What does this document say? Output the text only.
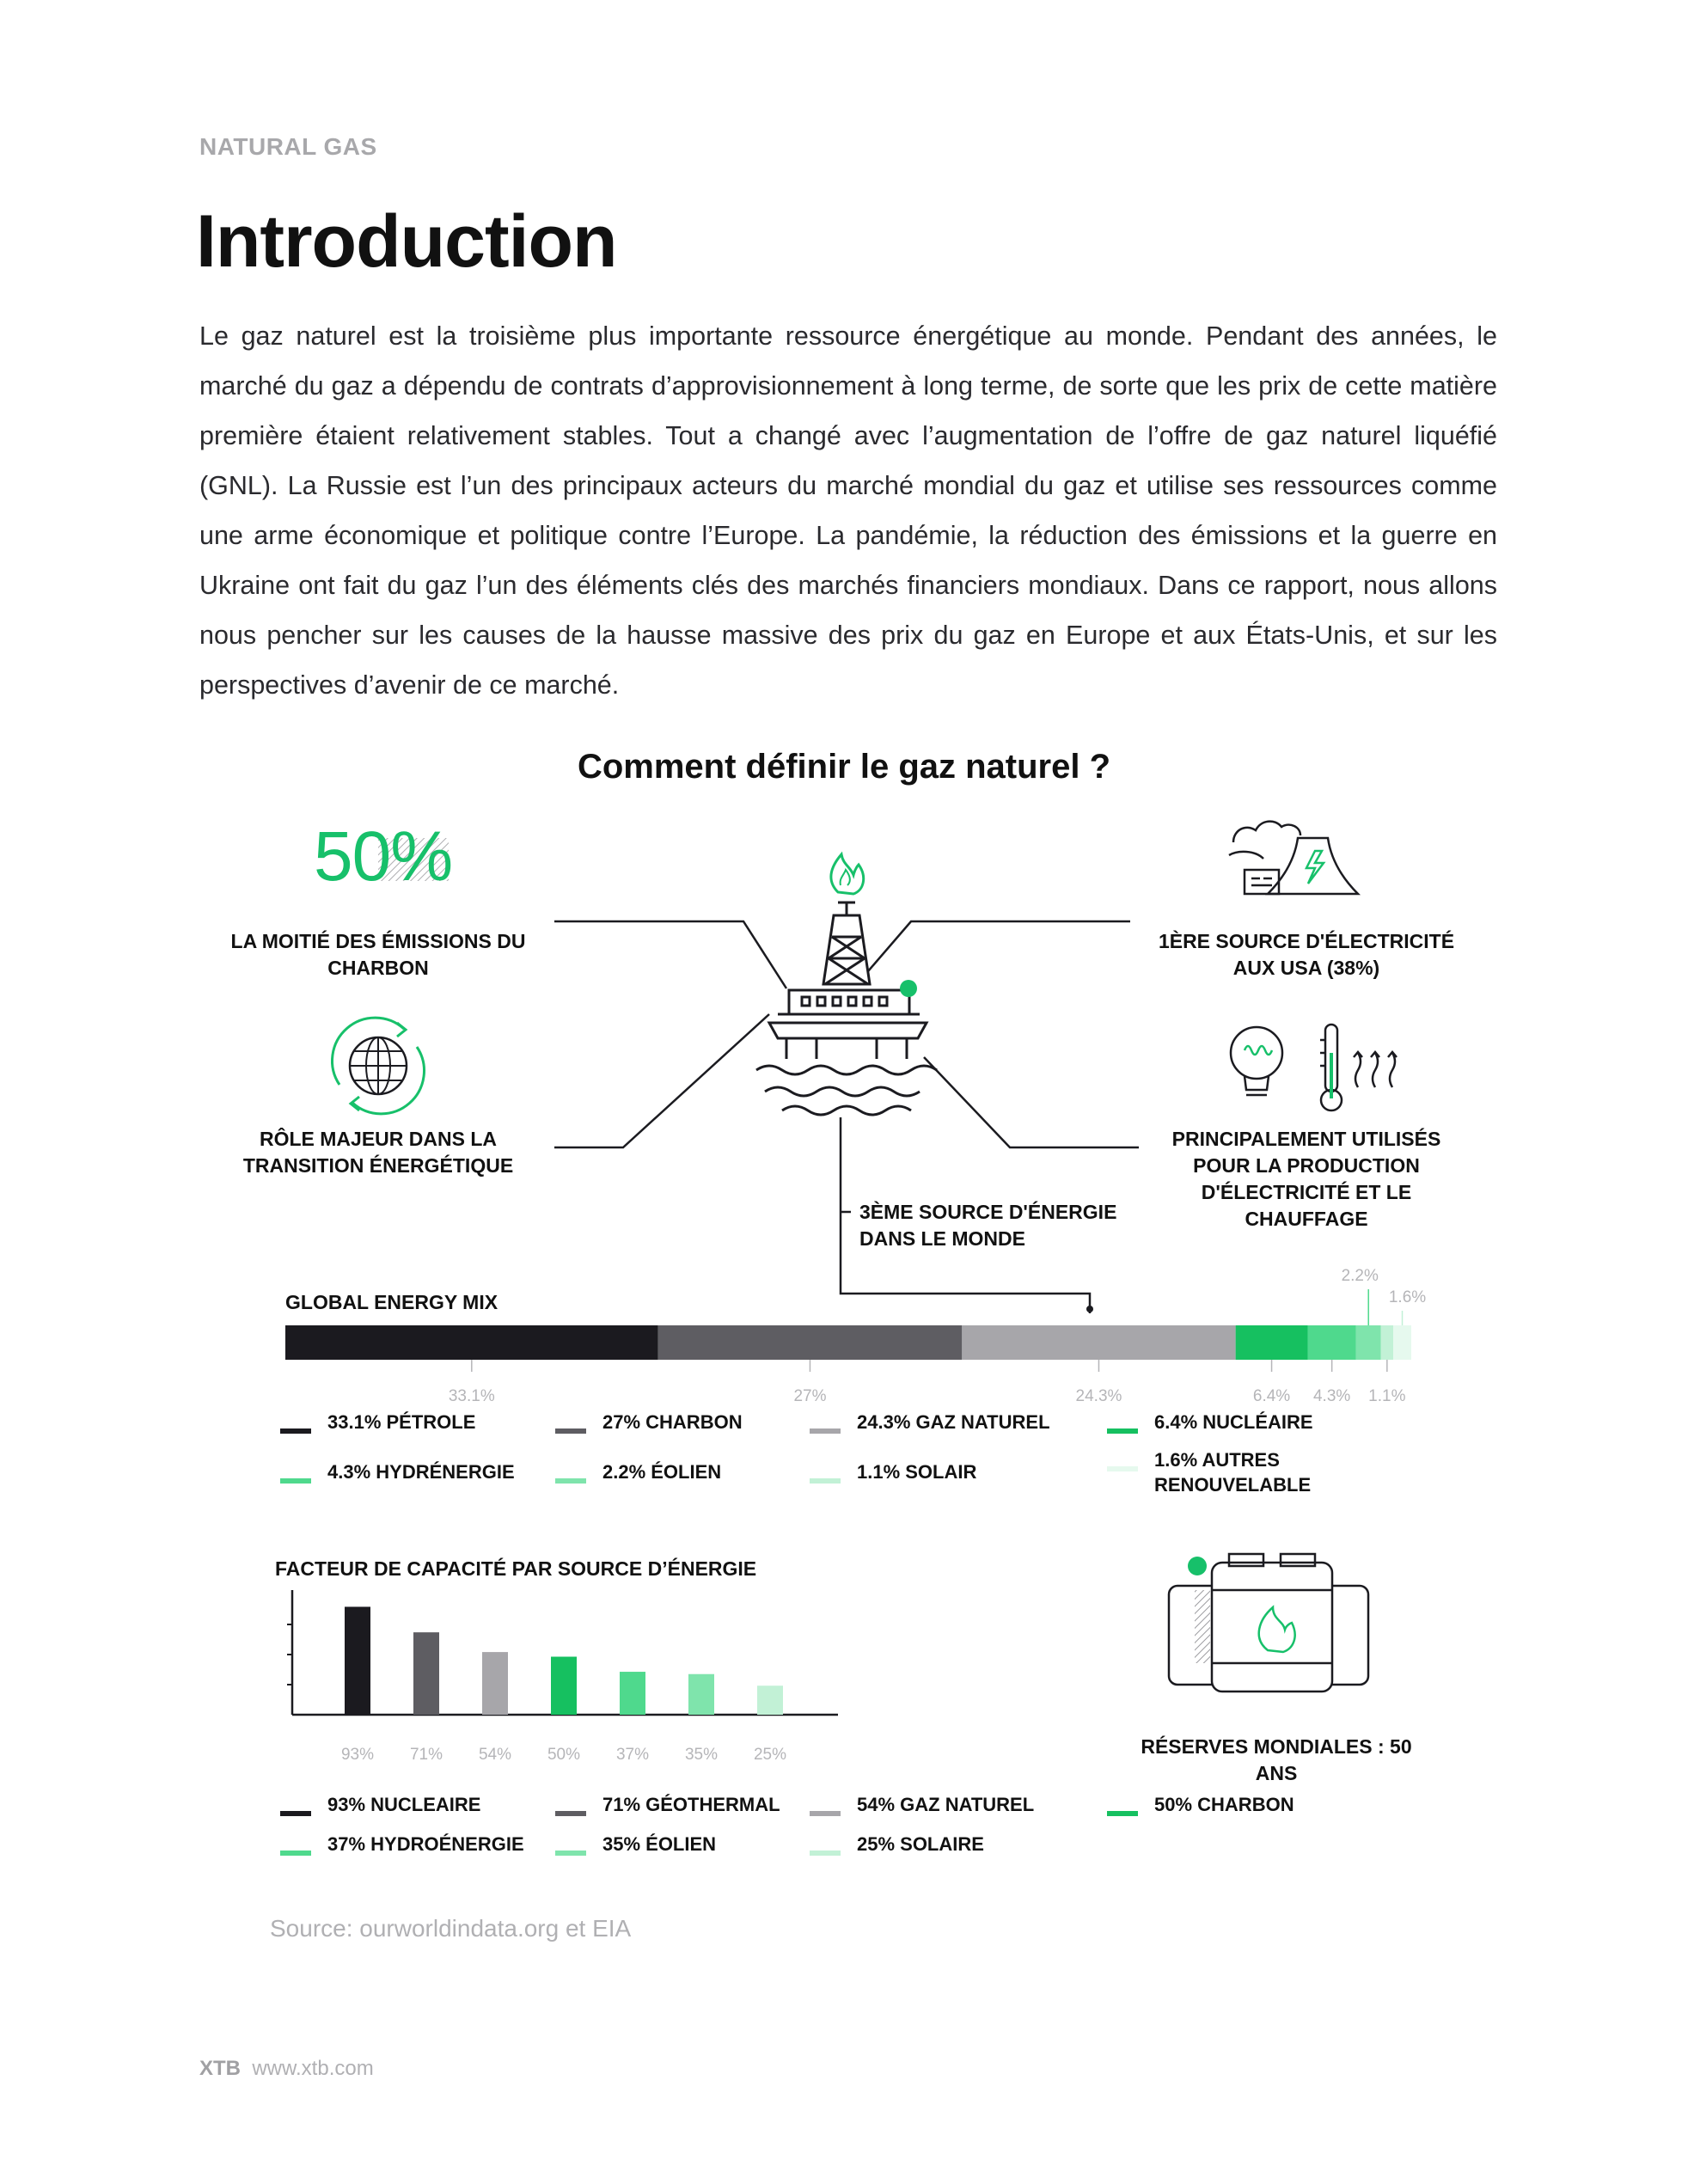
NATURAL GAS
Introduction

Le gaz naturel est la troisième plus importante ressource énergétique au monde. Pendant des années, le marché du gaz a dépendu de contrats d’approvisionnement à long terme, de sorte que les prix de cette matière première étaient relativement stables. Tout a changé avec l’augmentation de l’offre de gaz naturel liquéfié (GNL). La Russie est l’un des principaux acteurs du marché mondial du gaz et utilise ses ressources comme une arme économique et politique contre l’Europe. La pandémie, la réduction des émissions et la guerre en Ukraine ont fait du gaz l’un des éléments clés des marchés financiers mondiaux. Dans ce rapport, nous allons nous pencher sur les causes de la hausse massive des prix du gaz en Europe et aux États-Unis, et sur les perspectives d’avenir de ce marché.

Comment définir le gaz naturel ?
50%
LA MOITIÉ DES ÉMISSIONS DU CHARBON
RÔLE MAJEUR DANS LA TRANSITION ÉNERGÉTIQUE
1ÈRE SOURCE D'ÉLECTRICITÉ AUX USA (38%)
PRINCIPALEMENT UTILISÉS POUR LA PRODUCTION D'ÉLECTRICITÉ ET LE CHAUFFAGE
3ÈME SOURCE D'ÉNERGIE DANS LE MONDE
RÉSERVES MONDIALES : 50 ANS
GLOBAL ENERGY MIX
33.1%	27%	24.3%	6.4% 4.3%
2.2%
1.1%
1.6%
33.1% PÉTROLE	27% CHARBON	24.3% GAZ NATUREL	6.4% NUCLÉAIRE
4.3% HYDRÉNERGIE	2.2% ÉOLIEN	1.1% SOLAIR
1.6% AUTRES RENOUVELABLE
FACTEUR DE CAPACITÉ PAR SOURCE D’ÉNERGIE
93% 71% 54% 50% 37% 35% 25%
93% NUCLEAIRE	71% GÉOTHERMAL	54% GAZ NATUREL	50% CHARBON
37% HYDROÉNERGIE	35% ÉOLIEN	25% SOLAIRE
Source: ourworldindata.org et EIA
XTB www.xtb.com
